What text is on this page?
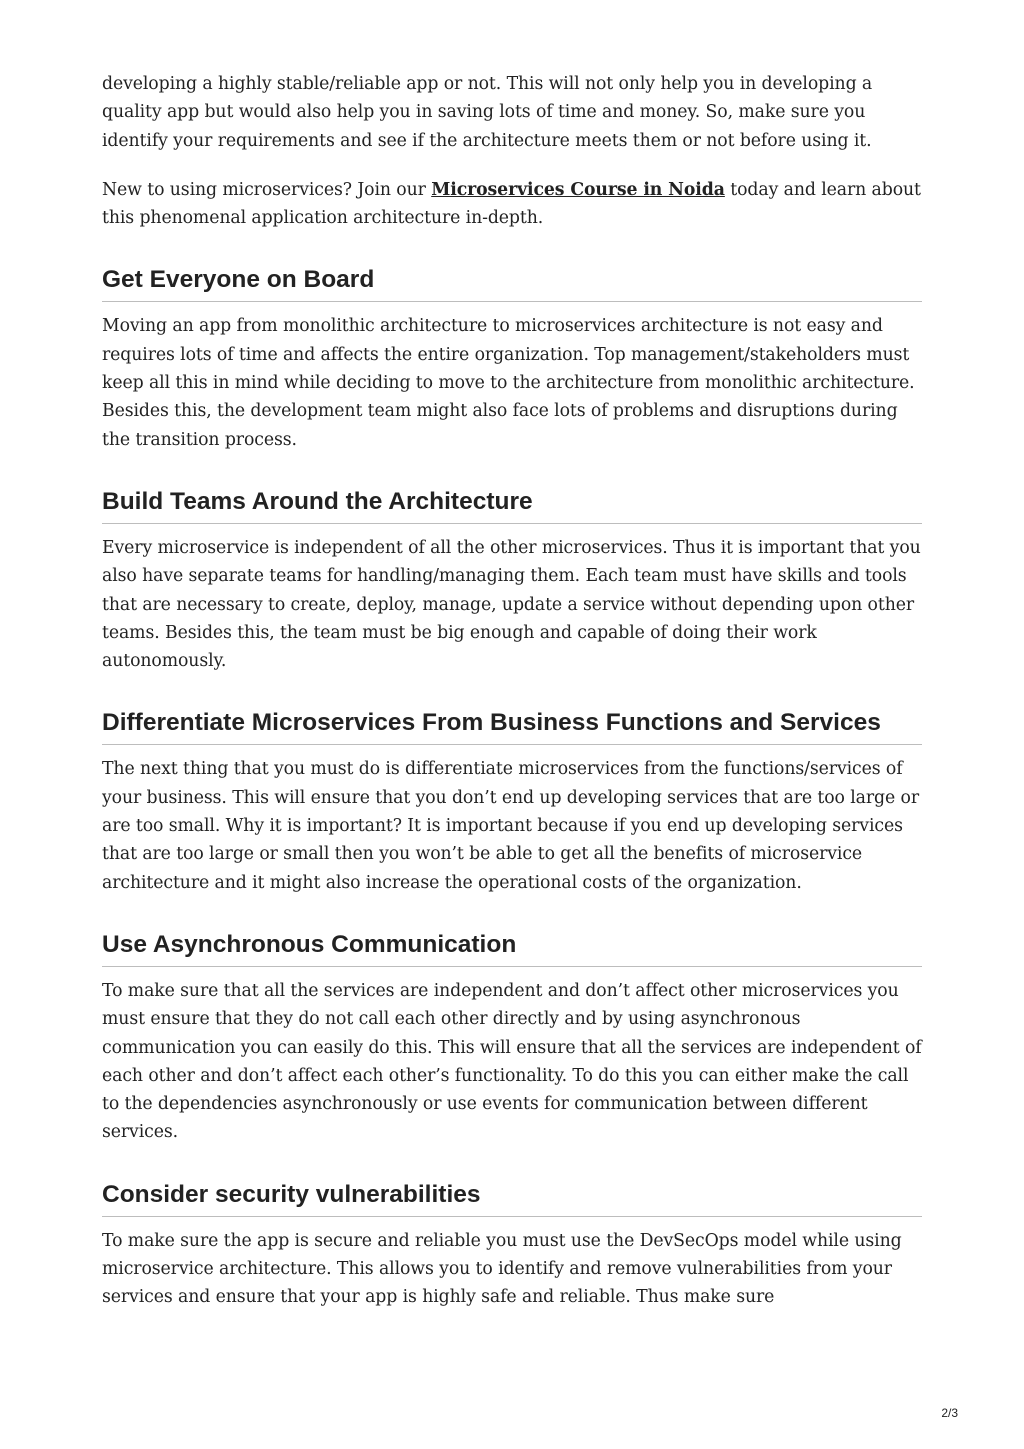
developing a highly stable/reliable app or not. This will not only help you in developing a quality app but would also help you in saving lots of time and money. So, make sure you identify your requirements and see if the architecture meets them or not before using it.

New to using microservices? Join our Microservices Course in Noida today and learn about this phenomenal application architecture in-depth.

Get Everyone on Board

Moving an app from monolithic architecture to microservices architecture is not easy and requires lots of time and affects the entire organization. Top management/stakeholders must keep all this in mind while deciding to move to the architecture from monolithic architecture. Besides this, the development team might also face lots of problems and disruptions during the transition process.

Build Teams Around the Architecture

Every microservice is independent of all the other microservices. Thus it is important that you also have separate teams for handling/managing them. Each team must have skills and tools that are necessary to create, deploy, manage, update a service without depending upon other teams. Besides this, the team must be big enough and capable of doing their work autonomously.

Differentiate Microservices From Business Functions and Services

The next thing that you must do is differentiate microservices from the functions/services of your business. This will ensure that you don’t end up developing services that are too large or are too small. Why it is important? It is important because if you end up developing services that are too large or small then you won’t be able to get all the benefits of microservice architecture and it might also increase the operational costs of the organization.

Use Asynchronous Communication

To make sure that all the services are independent and don’t affect other microservices you must ensure that they do not call each other directly and by using asynchronous communication you can easily do this. This will ensure that all the services are independent of each other and don’t affect each other’s functionality. To do this you can either make the call to the dependencies asynchronously or use events for communication between different services.

Consider security vulnerabilities

To make sure the app is secure and reliable you must use the DevSecOps model while using microservice architecture. This allows you to identify and remove vulnerabilities from your services and ensure that your app is highly safe and reliable. Thus make sure

2/3
